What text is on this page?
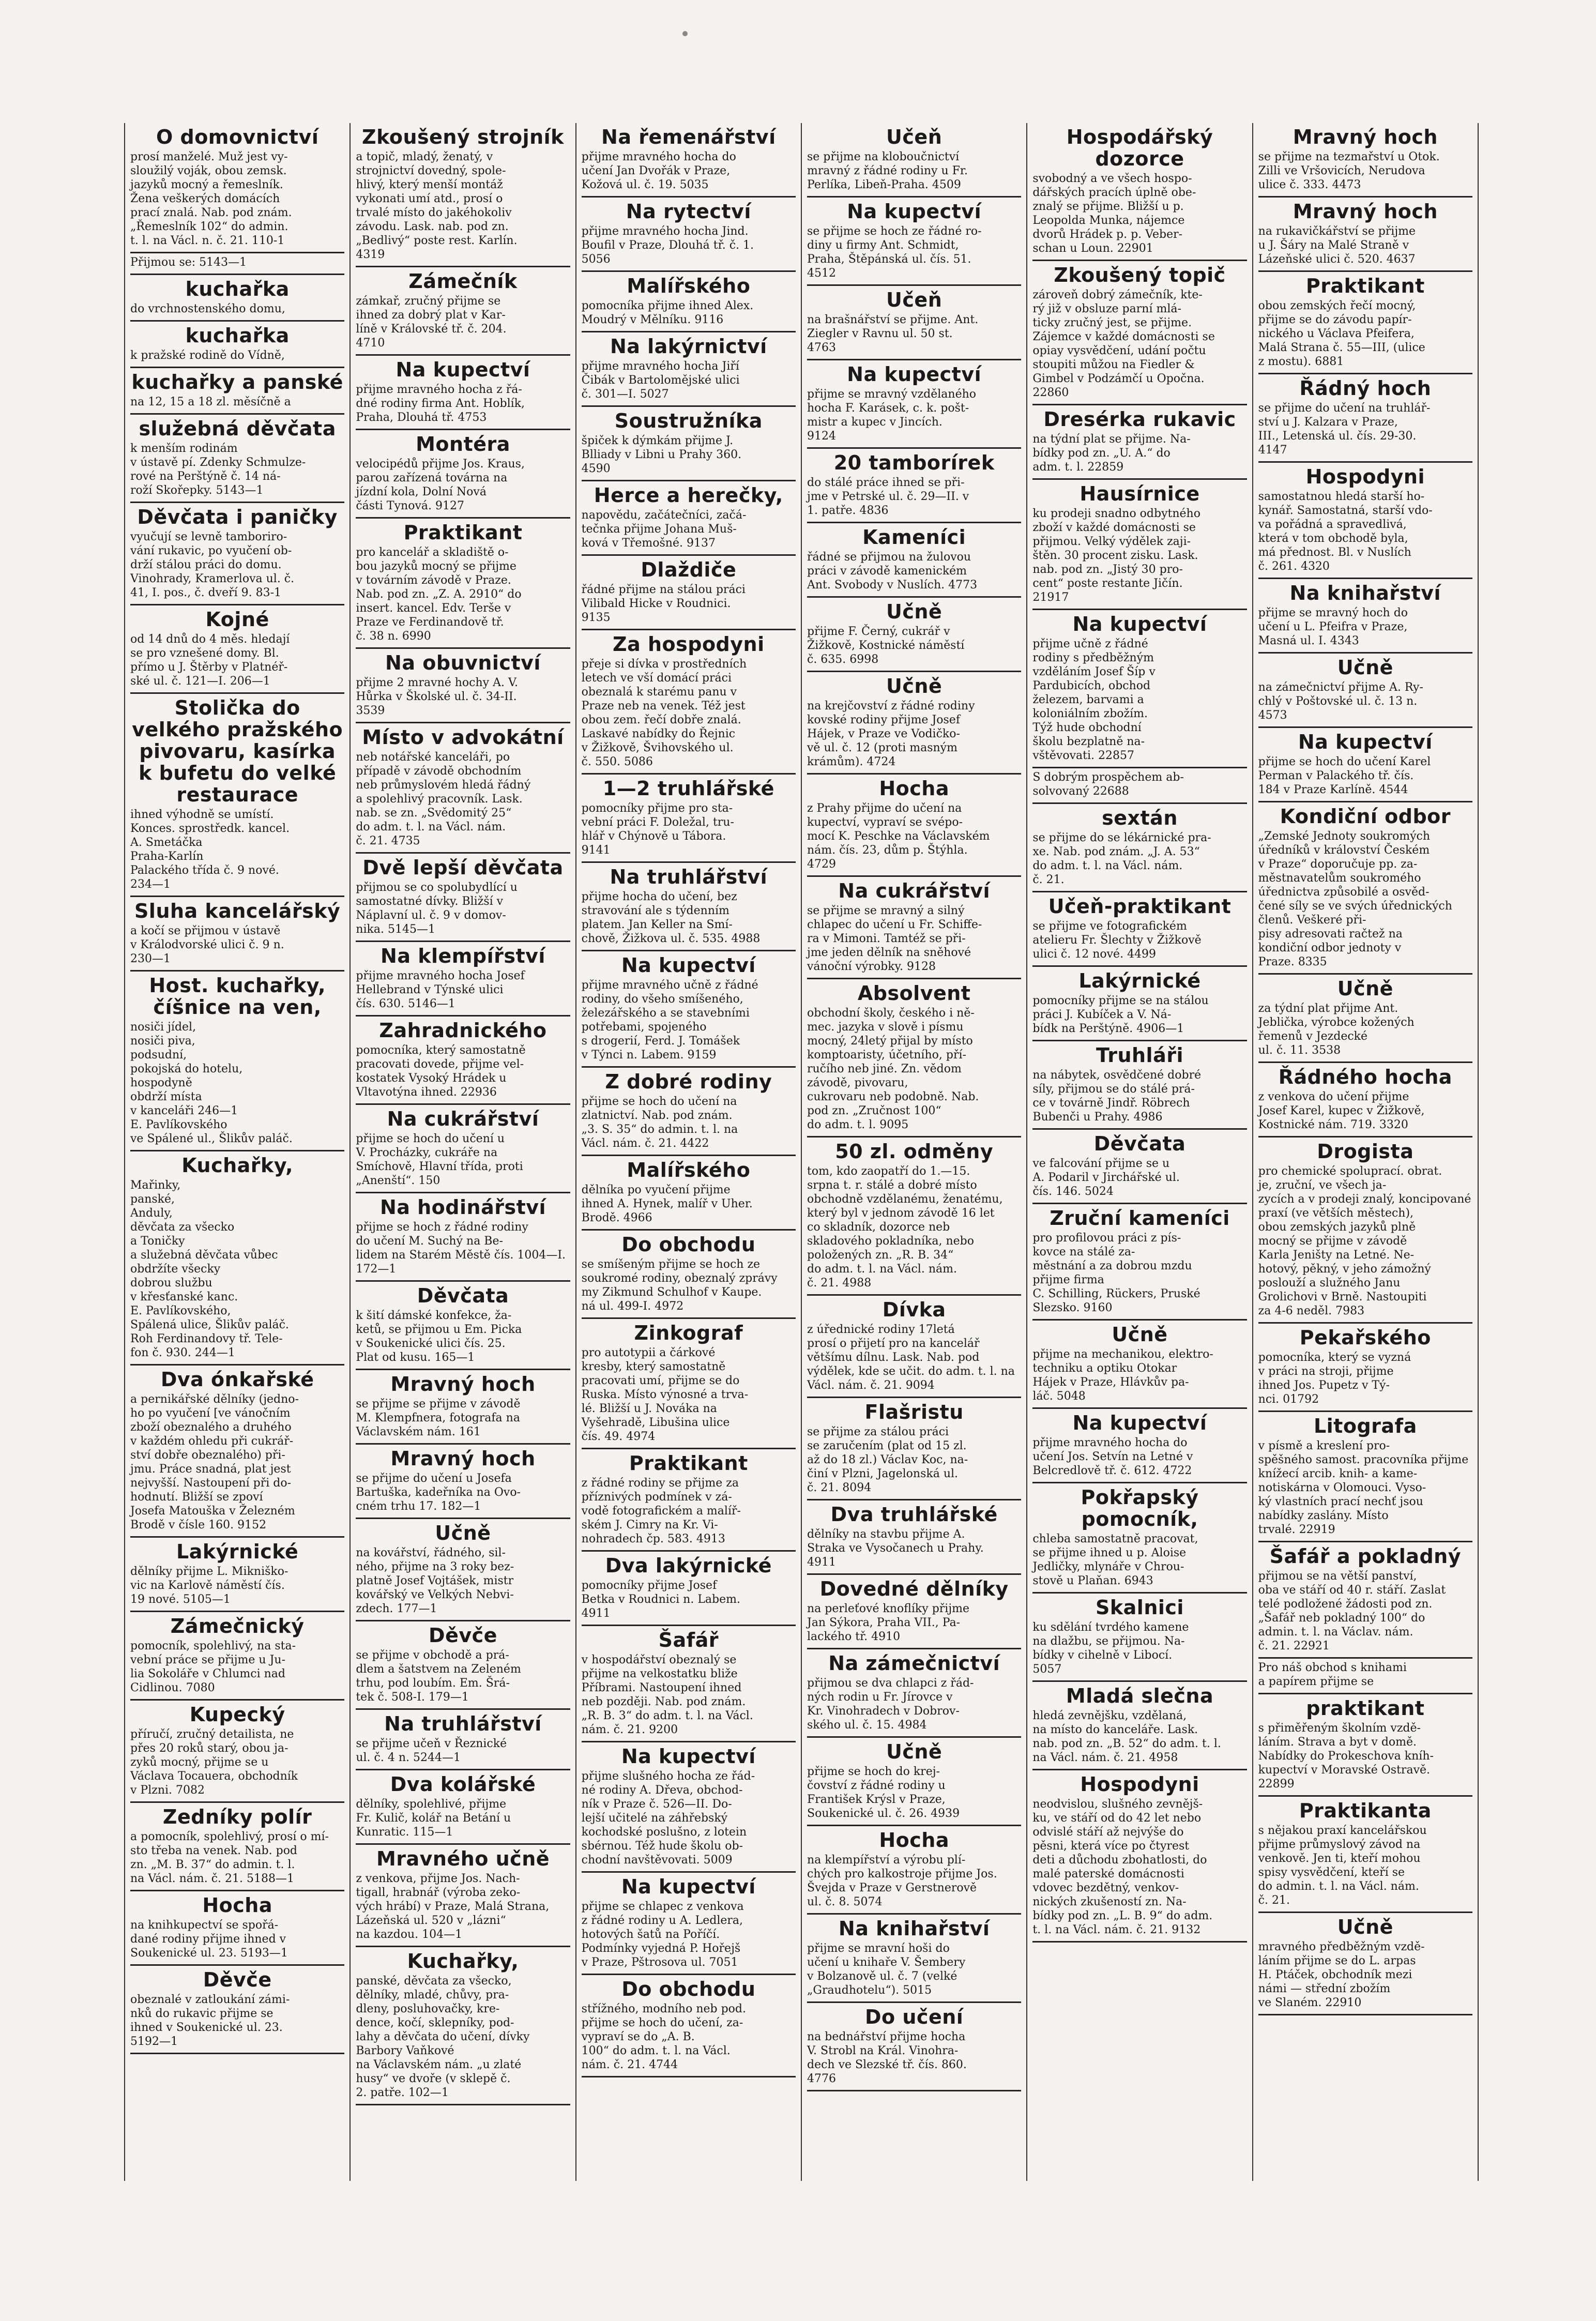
O domovnictví
prosí manželé. Muž jest vy-
sloužilý voják, obou zemsk.
jazyků mocný a řemeslník.
Žena veškerých domácích
prací znalá. Nab. pod znám.
„Řemeslník 102“ do admin.
t. l. na Václ. n. č. 21. 110-1
Přijmou se: 5143—1
kuchařka
do vrchnostenského domu,
kuchařka
k pražské rodině do Vídně,
kuchařky a panské
na 12, 15 a 18 zl. měsíčně a
služebná děvčata
k menším rodinám
v ústavě pí. Zdenky Schmulze-
rové na Perštýně č. 14 ná-
roží Skořepky. 5143—1
Děvčata i paničky
vyučují se levně tamboriro-
vání rukavic, po vyučení ob-
drží stálou práci do domu.
Vinohrady, Kramerlova ul. č.
41, I. pos., č. dveří 9. 83-1
Kojné
od 14 dnů do 4 měs. hledají
se pro vznešené domy. Bl.
přímo u J. Štěrby v Platnéř-
ské ul. č. 121—I. 206—1
Stolička do velkého pražského pivovaru, kasírka k bufetu do velké restaurace
ihned výhodně se umístí.
Konces. sprostředk. kancel.
A. Smetáčka
Praha-Karlín
Palackého třída č. 9 nové.
234—1
Sluha kancelářský
a kočí se přijmou v ústavě
v Králodvorské ulici č. 9 n.
230—1
Host. kuchařky, číšnice na ven,
nosiči jídel,
nosiči piva,
podsudní,
pokojská do hotelu,
hospodyně
obdrží místa
v kanceláři 246—1
E. Pavlíkovského
ve Spálené ul., Šlikův paláč.
Kuchařky,
Mařinky,
panské,
Anduly,
děvčata za všecko
a Toničky
a služebná děvčata vůbec
obdržíte všecky
dobrou službu
v křesťanské kanc.
E. Pavlíkovského,
Spálená ulice, Šlikův paláč.
Roh Ferdinandovy tř. Tele-
fon č. 930. 244—1
Dva ónkařské
a pernikářské dělníky (jedno-
ho po vyučení [ve vánočním
zboží obeznalého a druhého
v každém ohledu při cukrář-
ství dobře obeznalého) při-
jmu. Práce snadná, plat jest
nejvyšší. Nastoupení při do-
hodnutí. Bližší se zpoví
Josefa Matouška v Železném
Brodě v čísle 160. 9152
Lakýrnické
dělníky přijme L. Mikniško-
vic na Karlově náměstí čís.
19 nové. 5105—1
Zámečnický
pomocník, spolehlivý, na sta-
vební práce se přijme u Ju-
lia Sokoláře v Chlumci nad
Cidlinou. 7080
Kupecký
příručí, zručný detailista, ne
přes 20 roků starý, obou ja-
zyků mocný, přijme se u
Václava Tocauera, obchodník
v Plzni. 7082
Zedníky polír
a pomocník, spolehlivý, prosí o mí-
sto třeba na venek. Nab. pod
zn. „M. B. 37“ do admin. t. l.
na Václ. nám. č. 21. 5188—1
Hocha
na knihkupectví se spořá-
dané rodiny přijme ihned v
Soukenické ul. 23. 5193—1
Děvče
obeznalé v zatloukání zámi-
nků do rukavic přijme se
ihned v Soukenické ul. 23.
5192—1
Zkoušený strojník
a topič, mladý, ženatý, v
strojnictví dovedný, spole-
hlivý, který menší montáž
vykonati umí atd., prosí o
trvalé místo do jakéhokoliv
závodu. Lask. nab. pod zn.
„Bedlivý“ poste rest. Karlín.
4319
Zámečník
zámkař, zručný přijme se
ihned za dobrý plat v Kar-
líně v Královské tř. č. 204.
4710
Na kupectví
přijme mravného hocha z řá-
dné rodiny firma Ant. Hoblík,
Praha, Dlouhá tř. 4753
Montéra
velocipédů přijme Jos. Kraus,
parou zařízená továrna na
jízdní kola, Dolní Nová
části Tynová. 9127
Praktikant
pro kancelář a skladiště o-
bou jazyků mocný se přijme
v továrním závodě v Praze.
Nab. pod zn. „Z. A. 2910“ do
insert. kancel. Edv. Terše v
Praze ve Ferdinandově tř.
č. 38 n. 6990
Na obuvnictví
přijme 2 mravné hochy A. V.
Hůrka v Školské ul. č. 34-II.
3539
Místo v advokátní
neb notářské kanceláři, po
případě v závodě obchodním
neb průmyslovém hledá řádný
a spolehlivý pracovník. Lask.
nab. se zn. „Svědomitý 25“
do adm. t. l. na Václ. nám.
č. 21. 4735
Dvě lepší děvčata
přijmou se co spolubydlící u
samostatné dívky. Bližší v
Náplavní ul. č. 9 v domov-
nika. 5145—1
Na klempířství
přijme mravného hocha Josef
Hellebrand v Týnské ulici
čís. 630. 5146—1
Zahradnického
pomocníka, který samostatně
pracovati dovede, přijme vel-
kostatek Vysoký Hrádek u
Vltavotýna ihned. 22936
Na cukrářství
přijme se hoch do učení u
V. Procházky, cukráře na
Smíchově, Hlavní třída, proti
„Anenští“. 150
Na hodinářství
přijme se hoch z řádné rodiny
do učení M. Suchý na Be-
lidem na Starém Městě čís. 1004—I.
172—1
Děvčata
k šití dámské konfekce, ža-
ketů, se přijmou u Em. Picka
v Soukenické ulici čís. 25.
Plat od kusu. 165—1
Mravný hoch
se přijme se přijme v závodě
M. Klempfnera, fotografa na
Václavském nám. 161
Mravný hoch
se přijme do učení u Josefa
Bartuška, kadeřníka na Ovo-
cném trhu 17. 182—1
Učně
na kovářství, řádného, sil-
ného, přijme na 3 roky bez-
platně Josef Vojtášek, mistr
kovářský ve Velkých Nebvi-
zdech. 177—1
Děvče
se přijme v obchodě a prá-
dlem a šatstvem na Zeleném
trhu, pod loubím. Em. Šrá-
tek č. 508-I. 179—1
Na truhlářství
se přijme učeň v Řeznické
ul. č. 4 n. 5244—1
Dva kolářské
dělníky, spolehlivé, přijme
Fr. Kulič, kolář na Betání u
Kunratic. 115—1
Mravného učně
z venkova, přijme Jos. Nach-
tigall, hrabnář (výroba zeko-
vých hrábí) v Praze, Malá Strana,
Lázeňská ul. 520 v „lázni“
na kazdou. 104—1
Kuchařky,
panské, děvčata za všecko,
dělníky, mladé, chůvy, pra-
dleny, posluhovačky, kre-
dence, kočí, sklepníky, pod-
lahy a děvčata do učení, dívky
Barbory Vaňkové
na Václavském nám. „u zlaté
husy“ ve dvoře (v sklepě č.
2. patře. 102—1
Na řemenářství
přijme mravného hocha do
učení Jan Dvořák v Praze,
Kožová ul. č. 19. 5035
Na rytectví
přijme mravného hocha Jind.
Boufil v Praze, Dlouhá tř. č. 1.
5056
Malířského
pomocníka přijme ihned Alex.
Moudrý v Mělníku. 9116
Na lakýrnictví
přijme mravného hocha Jiří
Čibák v Bartolomějské ulici
č. 301—I. 5027
Soustružníka
špiček k dýmkám přijme J.
Blliady v Libni u Prahy 360.
4590
Herce a herečky,
napovědu, začátečníci, začá-
tečnka přijme Johana Muš-
ková v Třemošné. 9137
Dlaždiče
řádné přijme na stálou práci
Vilibald Hicke v Roudnici.
9135
Za hospodyni
přeje si dívka v prostředních
letech ve vší domácí práci
obeznalá k starému panu v
Praze neb na venek. Též jest
obou zem. řečí dobře znalá.
Laskavé nabídky do Řejnic
v Žižkově, Švihovského ul.
č. 550. 5086
1—2 truhlářské
pomocníky přijme pro sta-
vební práci F. Doležal, tru-
hlář v Chýnově u Tábora.
9141
Na truhlářství
přijme hocha do učení, bez
stravování ale s týdenním
platem. Jan Keller na Smí-
chově, Žižkova ul. č. 535. 4988
Na kupectví
přijme mravného učně z řádné
rodiny, do všeho smíšeného,
železářského a se stavebními
potřebami, spojeného
s drogerií, Ferd. J. Tomášek
v Týnci n. Labem. 9159
Z dobré rodiny
přijme se hoch do učení na
zlatnictví. Nab. pod znám.
„3. S. 35“ do admin. t. l. na
Václ. nám. č. 21. 4422
Malířského
dělníka po vyučení přijme
ihned A. Hynek, malíř v Uher.
Brodě. 4966
Do obchodu
se smíšeným přijme se hoch ze
soukromé rodiny, obeznalý zprávy
my Zikmund Schulhof v Kaupe.
ná ul. 499-I. 4972
Zinkograf
pro autotypii a čárkové
kresby, který samostatně
pracovati umí, přijme se do
Ruska. Místo výnosné a trva-
lé. Bližší u J. Nováka na
Vyšehradě, Libušina ulice
čís. 49. 4974
Praktikant
z řádné rodiny se přijme za
příznivých podmínek v zá-
vodě fotografickém a malíř-
ském J. Cimry na Kr. Vi-
nohradech čp. 583. 4913
Dva lakýrnické
pomocníky přijme Josef
Betka v Roudnici n. Labem.
4911
Šafář
v hospodářství obeznalý se
přijme na velkostatku bliže
Příbrami. Nastoupení ihned
neb později. Nab. pod znám.
„R. B. 3“ do adm. t. l. na Václ.
nám. č. 21. 9200
Na kupectví
přijme slušného hocha ze řád-
né rodiny A. Dřeva, obchod-
ník v Praze č. 526—II. Do-
lejší učitelé na záhřebský
kochodské poslušno, z lotein
sbérnou. Též hude školu ob-
chodní navštěvovati. 5009
Na kupectví
přijme se chlapec z venkova
z řádné rodiny u A. Ledlera,
hotových šatů na Poříčí.
Podmínky vyjedná P. Hořejš
v Praze, Pštrosova ul. 7051
Do obchodu
střížného, modního neb pod.
přijme se hoch do učení, za-
vypraví se do „A. B.
100“ do adm. t. l. na Václ.
nám. č. 21. 4744
Učeň
se přijme na kloboučnictví
mravný z řádné rodiny u Fr.
Perlíka, Libeň-Praha. 4509
Na kupectví
se přijme se hoch ze řádné ro-
diny u firmy Ant. Schmidt,
Praha, Štěpánská ul. čís. 51.
4512
Učeň
na brašnářství se přijme. Ant.
Ziegler v Ravnu ul. 50 st.
4763
Na kupectví
přijme se mravný vzdělaného
hocha F. Karásek, c. k. pošt-
mistr a kupec v Jincích.
9124
20 tamborírek
do stálé práce ihned se při-
jme v Petrské ul. č. 29—II. v
1. patře. 4836
Kameníci
řádné se přijmou na žulovou
práci v závodě kamenickém
Ant. Svobody v Nuslích. 4773
Učně
přijme F. Černý, cukrář v
Žižkově, Kostnické náměstí
č. 635. 6998
Učně
na krejčovství z řádné rodiny
kovské rodiny přijme Josef
Hájek, v Praze ve Vodičko-
vě ul. č. 12 (proti masným
krámům). 4724
Hocha
z Prahy přijme do učení na
kupectví, vypraví se svépo-
mocí K. Peschke na Václavském
nám. čís. 23, dům p. Štýhla.
4729
Na cukrářství
se přijme se mravný a silný
chlapec do učení u Fr. Schiffe-
ra v Mimoni. Tamtéž se při-
jme jeden dělník na sněhové
vánoční výrobky. 9128
Absolvent
obchodní školy, českého i ně-
mec. jazyka v slově i písmu
mocný, 24letý přijal by místo
komptoaristy, účetního, pří-
ručího neb jiné. Zn. vědom
závodě, pivovaru,
cukrovaru neb podobně. Nab.
pod zn. „Zručnost 100“
do adm. t. l. 9095
50 zl. odměny
tom, kdo zaopatří do 1.—15.
srpna t. r. stálé a dobré místo
obchodně vzdělanému, ženatému,
který byl v jednom závodě 16 let
co skladník, dozorce neb
skladového pokladníka, nebo
položených zn. „R. B. 34“
do adm. t. l. na Václ. nám.
č. 21. 4988
Dívka
z úřednické rodiny 17letá
prosí o přijetí pro na kancelář
většímu dílnu. Lask. Nab. pod
výdělek, kde se učit. do adm. t. l. na
Václ. nám. č. 21. 9094
Flašristu
se přijme za stálou práci
se zaručením (plat od 15 zl.
až do 18 zl.) Václav Koc, na-
činí v Plzni, Jagelonská ul.
č. 21. 8094
Dva truhlářské
dělníky na stavbu přijme A.
Straka ve Vysočanech u Prahy.
4911
Dovedné dělníky
na perleťové knoflíky přijme
Jan Sýkora, Praha VII., Pa-
lackého tř. 4910
Na zámečnictví
přijmou se dva chlapci z řád-
ných rodin u Fr. Jírovce v
Kr. Vinohradech v Dobrov-
ského ul. č. 15. 4984
Učně
přijme se hoch do krej-
čovství z řádné rodiny u
František Krýsl v Praze,
Soukenické ul. č. 26. 4939
Hocha
na klempířství a výrobu plí-
chých pro kalkostroje přijme Jos.
Švejda v Praze v Gerstnerově
ul. č. 8. 5074
Na knihařství
přijme se mravní hoši do
učení u knihaře V. Šembery
v Bolzanově ul. č. 7 (velké
„Graudhotelu“). 5015
Do učení
na bednářství přijme hocha
V. Strobl na Král. Vinohra-
dech ve Slezské tř. čís. 860.
4776
Hospodářský dozorce
svobodný a ve všech hospo-
dářských pracích úplně obe-
znalý se přijme. Bližší u p.
Leopolda Munka, nájemce
dvorů Hrádek p. p. Veber-
schan u Loun. 22901
Zkoušený topič
zároveň dobrý zámečník, kte-
rý již v obsluze parní mlá-
ticky zručný jest, se přijme.
Zájemce v každé domácnosti se
opiay vysvědčení, udání počtu
stoupiti můžou na Fiedler &
Gimbel v Podzámčí u Opočna.
22860
Dresérka rukavic
na týdní plat se přijme. Na-
bídky pod zn. „U. A.“ do
adm. t. l. 22859
Hausírnice
ku prodeji snadno odbytného
zboží v každé domácnosti se
přijmou. Velký výdělek zaji-
štěn. 30 procent zisku. Lask.
nab. pod zn. „Jistý 30 pro-
cent“ poste restante Jičín.
21917
Na kupectví
přijme učně z řádné
rodiny s předběžným
vzděláním Josef Šíp v
Pardubicích, obchod
železem, barvami a
koloniálním zbožím.
Týž hude obchodní
školu bezplatně na-
vštěvovati. 22857
S dobrým prospěchem ab-
solvovaný 22688
sextán
se přijme do se lékárnické pra-
xe. Nab. pod znám. „J. A. 53“
do adm. t. l. na Václ. nám.
č. 21.
Učeň-praktikant
se přijme ve fotografickém
atelieru Fr. Šlechty v Žižkově
ulici č. 12 nové. 4499
Lakýrnické
pomocníky přijme se na stálou
práci J. Kubíček a V. Ná-
bídk na Perštýně. 4906—1
Truhláři
na nábytek, osvědčené dobré
síly, přijmou se do stálé prá-
ce v továrně Jindř. Röbrech
Bubenči u Prahy. 4986
Děvčata
ve falcování přijme se u
A. Podaril v Jirchářské ul.
čís. 146. 5024
Zruční kameníci
pro profilovou práci z pís-
kovce na stálé za-
městnání a za dobrou mzdu
přijme firma
C. Schilling, Rückers, Pruské
Slezsko. 9160
Učně
přijme na mechanikou, elektro-
techniku a optiku Otokar
Hájek v Praze, Hlávkův pa-
láč. 5048
Na kupectví
přijme mravného hocha do
učení Jos. Setvín na Letné v
Belcredlově tř. č. 612. 4722
Pokřapský pomocník,
chleba samostatně pracovat,
se přijme ihned u p. Aloise
Jedličky, mlynáře v Chrou-
stově u Plaňan. 6943
Skalnici
ku sdělání tvrdého kamene
na dlažbu, se přijmou. Na-
bídky v cihelně v Libocí.
5057
Mladá slečna
hledá zevnějšku, vzdělaná,
na místo do kanceláře. Lask.
nab. pod zn. „B. 52“ do adm. t. l.
na Václ. nám. č. 21. 4958
Hospodyni
neodvislou, slušného zevnějš-
ku, ve stáří od do 42 let nebo
odvislé stáří až nejvýše do
pěsni, která více po čtyrest
deti a důchodu zbohatlosti, do
malé paterské domácnosti
vdovec bezdětný, venkov-
nických zkušeností zn. Na-
bídky pod zn. „L. B. 9“ do adm.
t. l. na Václ. nám. č. 21. 9132
Mravný hoch
se přijme na tezmařství u Otok.
Zilli ve Vršovicích, Nerudova
ulice č. 333. 4473
Mravný hoch
na rukavičkářství se přijme
u J. Šáry na Malé Straně v
Lázeňské ulici č. 520. 4637
Praktikant
obou zemských řečí mocný,
přijme se do závodu papír-
nického u Václava Pfeifera,
Malá Strana č. 55—III, (ulice
z mostu). 6881
Řádný hoch
se přijme do učení na truhlář-
ství u J. Kalzara v Praze,
III., Letenská ul. čís. 29-30.
4147
Hospodyni
samostatnou hledá starší ho-
kynář. Samostatná, starší vdo-
va pořádná a spravedlivá,
která v tom obchodě byla,
má přednost. Bl. v Nuslích
č. 261. 4320
Na knihařství
přijme se mravný hoch do
učení u L. Pfeifra v Praze,
Masná ul. I. 4343
Učně
na zámečnictví přijme A. Ry-
chlý v Poštovské ul. č. 13 n.
4573
Na kupectví
přijme se hoch do učení Karel
Perman v Palackého tř. čís.
184 v Praze Karlíně. 4544
Kondiční odbor
„Zemské Jednoty soukromých
úředníků v království Českém
v Praze“ doporučuje pp. za-
městnavatelům soukromého
úřednictva způsobilé a osvěd-
čené síly se ve svých úřednických
členů. Veškeré při-
pisy adresovati račtež na
kondiční odbor jednoty v
Praze. 8335
Učně
za týdní plat přijme Ant.
Jeblička, výrobce kožených
řemenů v Jezdecké
ul. č. 11. 3538
Řádného hocha
z venkova do učení přijme
Josef Karel, kupec v Žižkově,
Kostnické nám. 719. 3320
Drogista
pro chemické spoluprací. obrat.
je, zruční, ve všech ja-
zycích a v prodeji znalý, koncipované
praxí (ve větších městech),
obou zemských jazyků plně
mocný se přijme v závodě
Karla Jeništy na Letné. Ne-
hotový, pěkný, v jeho zámožný
poslouží a služného Janu
Grolichovi v Brně. Nastoupiti
za 4-6 neděl. 7983
Pekařského
pomocníka, který se vyzná
v práci na stroji, přijme
ihned Jos. Pupetz v Tý-
nci. 01792
Litografa
v písmě a kreslení pro-
spěšného samost. pracovníka přijme
knížecí arcib. knih- a kame-
notiskárna v Olomouci. Vyso-
ký vlastních prací nechť jsou
nabídky zaslány. Místo
trvalé. 22919
Šafář a pokladný
přijmou se na větší panství,
oba ve stáří od 40 r. stáří. Zaslat
telé podložené žádosti pod zn.
„Šafář neb pokladný 100“ do
admin. t. l. na Václav. nám.
č. 21. 22921
Pro náš obchod s knihami
a papírem přijme se
praktikant
s přiměřeným školním vzdě-
láním. Strava a byt v domě.
Nabídky do Prokeschova kníh-
kupectví v Moravské Ostravě.
22899
Praktikanta
s nějakou praxí kancelářskou
přijme průmyslový závod na
venkově. Jen ti, kteří mohou
spisy vysvědčení, kteří se
do admin. t. l. na Václ. nám.
č. 21.
Učně
mravného předběžným vzdě-
láním přijme se do L. arpas
H. Ptáček, obchodník mezi
námi — střední zbožím
ve Slaném. 22910
